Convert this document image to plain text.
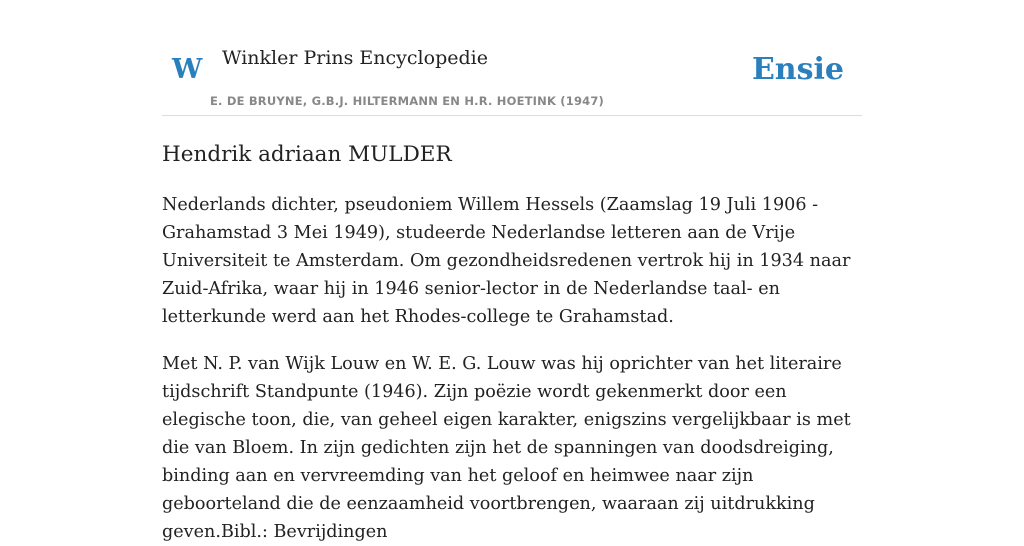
W Winkler Prins Encyclopedie
E. DE BRUYNE, G.B.J. HILTERMANN EN H.R. HOETINK (1947)
Ensie
Hendrik adriaan MULDER

Nederlands dichter, pseudoniem Willem Hessels (Zaamslag 19 Juli 1906 - Grahamstad 3 Mei 1949), studeerde Nederlandse letteren aan de Vrije Universiteit te Amsterdam. Om gezondheidsredenen vertrok hij in 1934 naar Zuid-Afrika, waar hij in 1946 senior-lector in de Nederlandse taal- en letterkunde werd aan het Rhodes-college te Grahamstad.

Met N. P. van Wijk Louw en W. E. G. Louw was hij oprichter van het literaire tijdschrift Standpunte (1946). Zijn poëzie wordt gekenmerkt door een elegische toon, die, van geheel eigen karakter, enigszins vergelijkbaar is met die van Bloem. In zijn gedichten zijn het de spanningen van doodsdreiging, binding aan en vervreemding van het geloof en heimwee naar zijn geboorteland die de eenzaamheid voortbrengen, waaraan zij uitdrukking geven.Bibl.: Bevrijdingen
